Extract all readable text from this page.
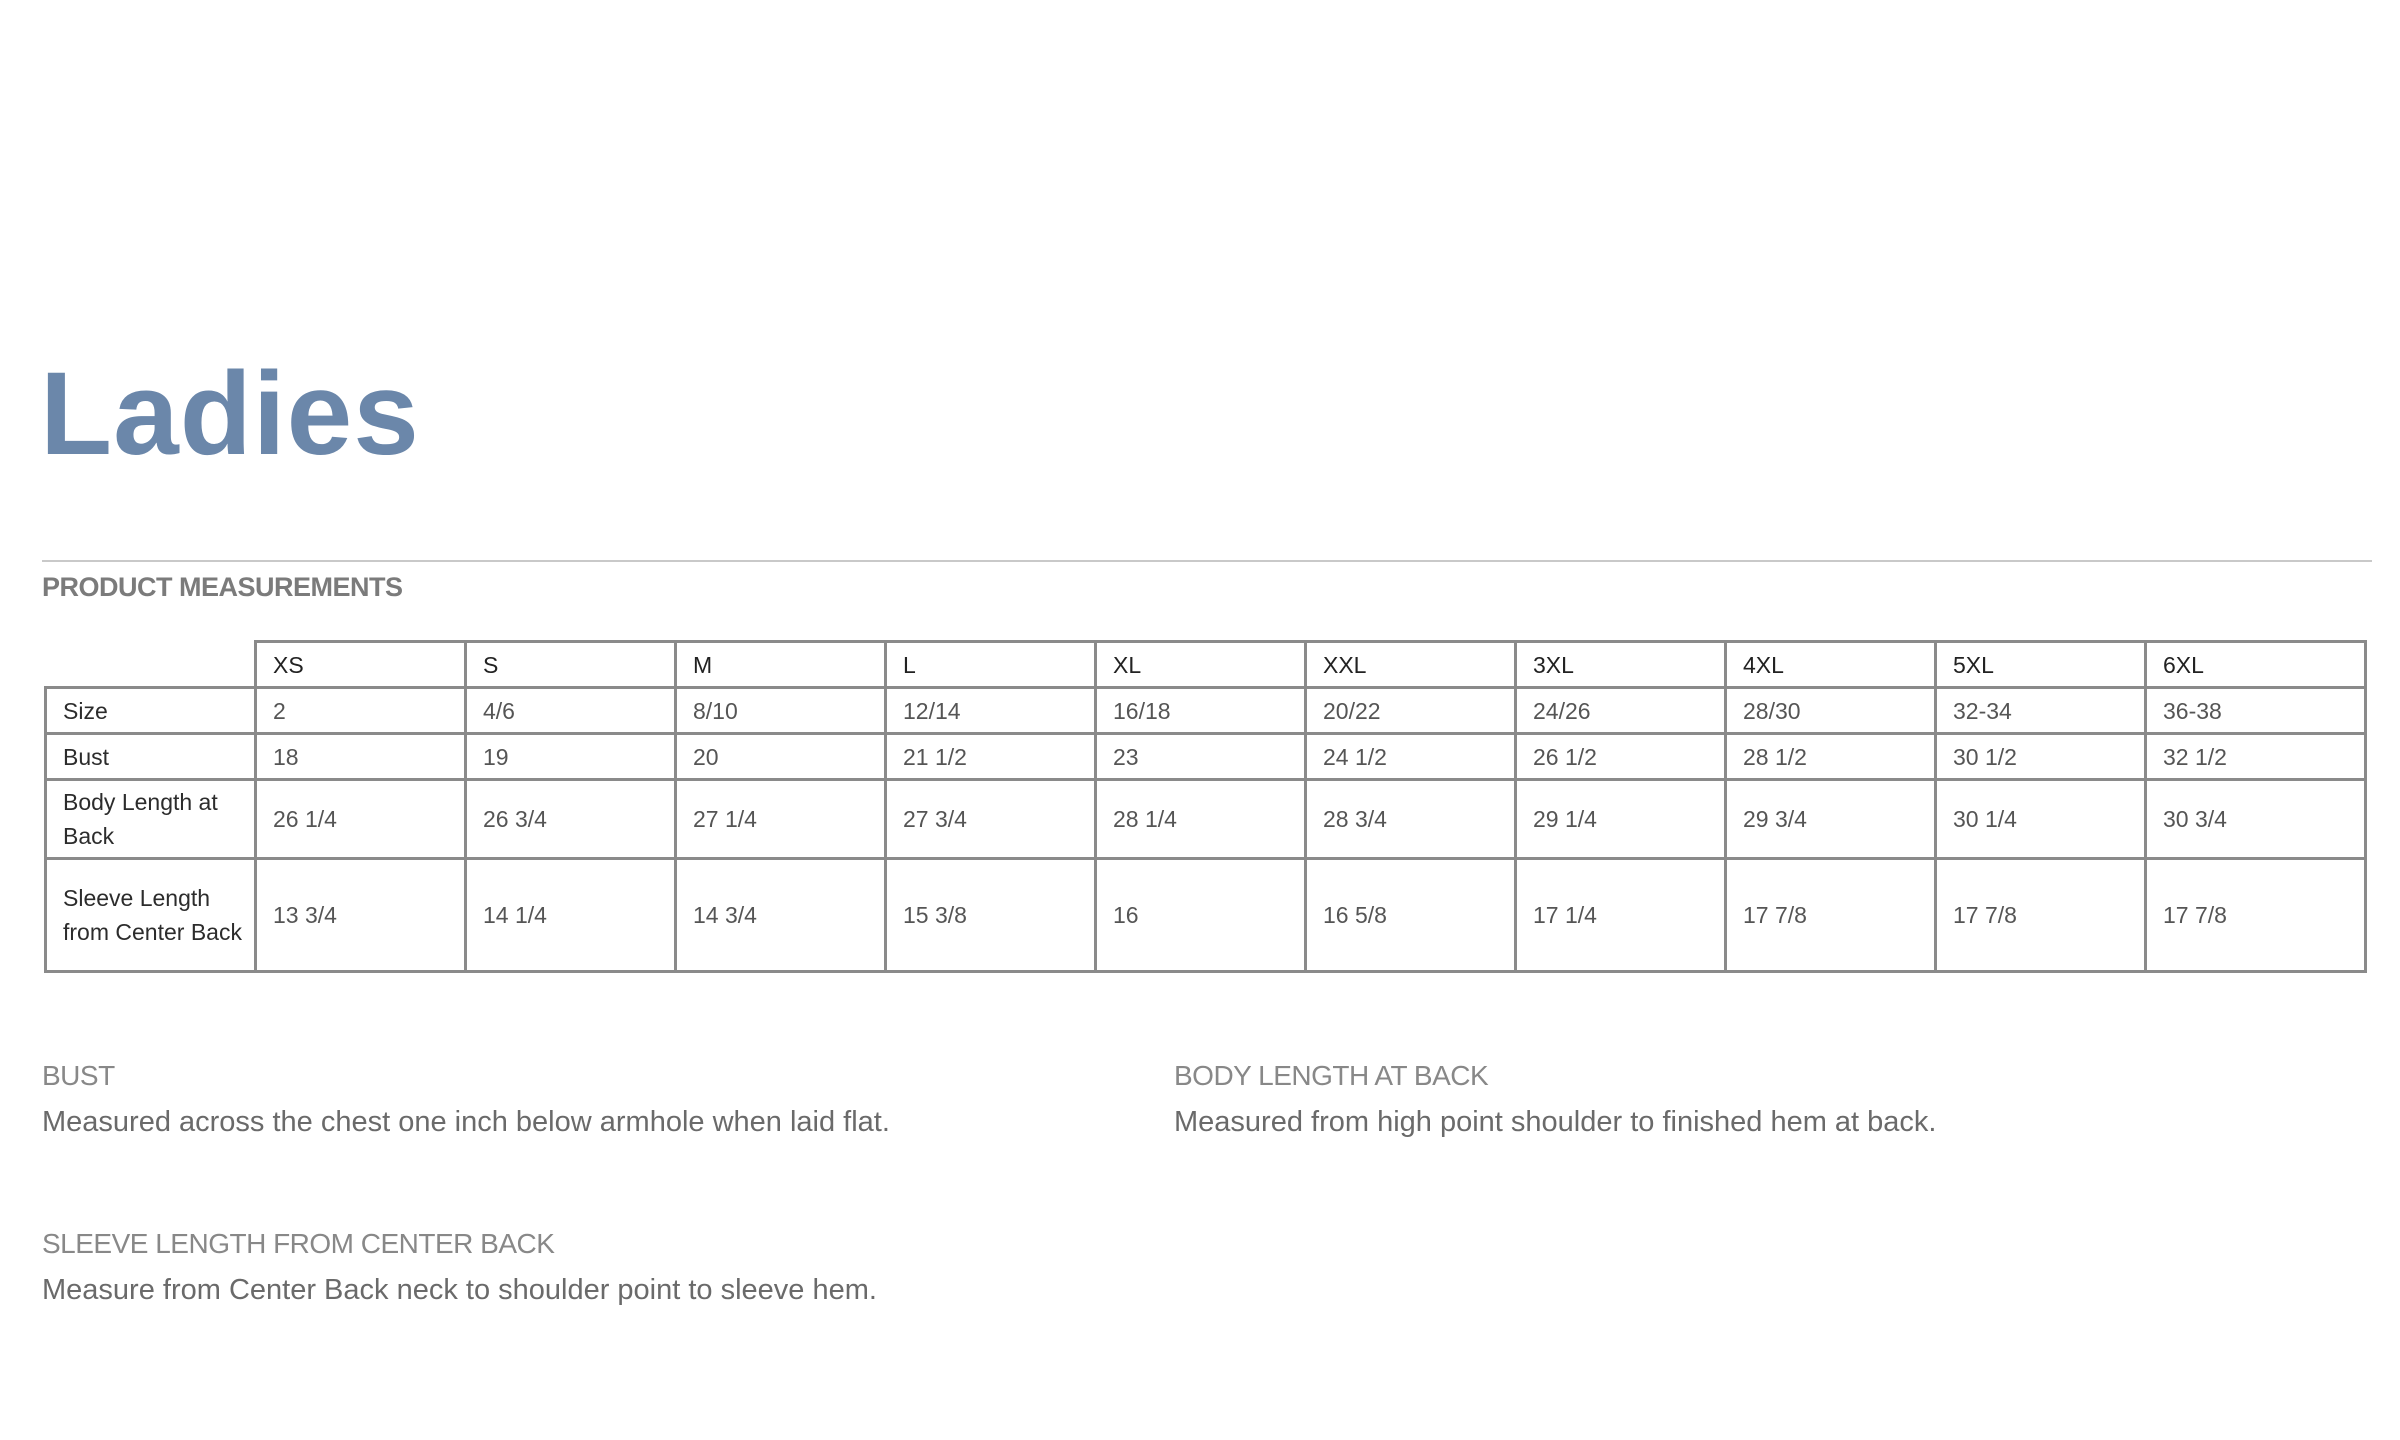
Ladies
PRODUCT MEASUREMENTS
	XS	S	M	L	XL	XXL	3XL	4XL	5XL	6XL
Size	2	4/6	8/10	12/14	16/18	20/22	24/26	28/30	32-34	36-38
Bust	18	19	20	21 1/2	23	24 1/2	26 1/2	28 1/2	30 1/2	32 1/2
Body Length at Back	26 1/4	26 3/4	27 1/4	27 3/4	28 1/4	28 3/4	29 1/4	29 3/4	30 1/4	30 3/4
Sleeve Length from Center Back	13 3/4	14 1/4	14 3/4	15 3/8	16	16 5/8	17 1/4	17 7/8	17 7/8	17 7/8

BUST

Measured across the chest one inch below armhole when laid flat.

BODY LENGTH AT BACK

Measured from high point shoulder to finished hem at back.

SLEEVE LENGTH FROM CENTER BACK

Measure from Center Back neck to shoulder point to sleeve hem.
